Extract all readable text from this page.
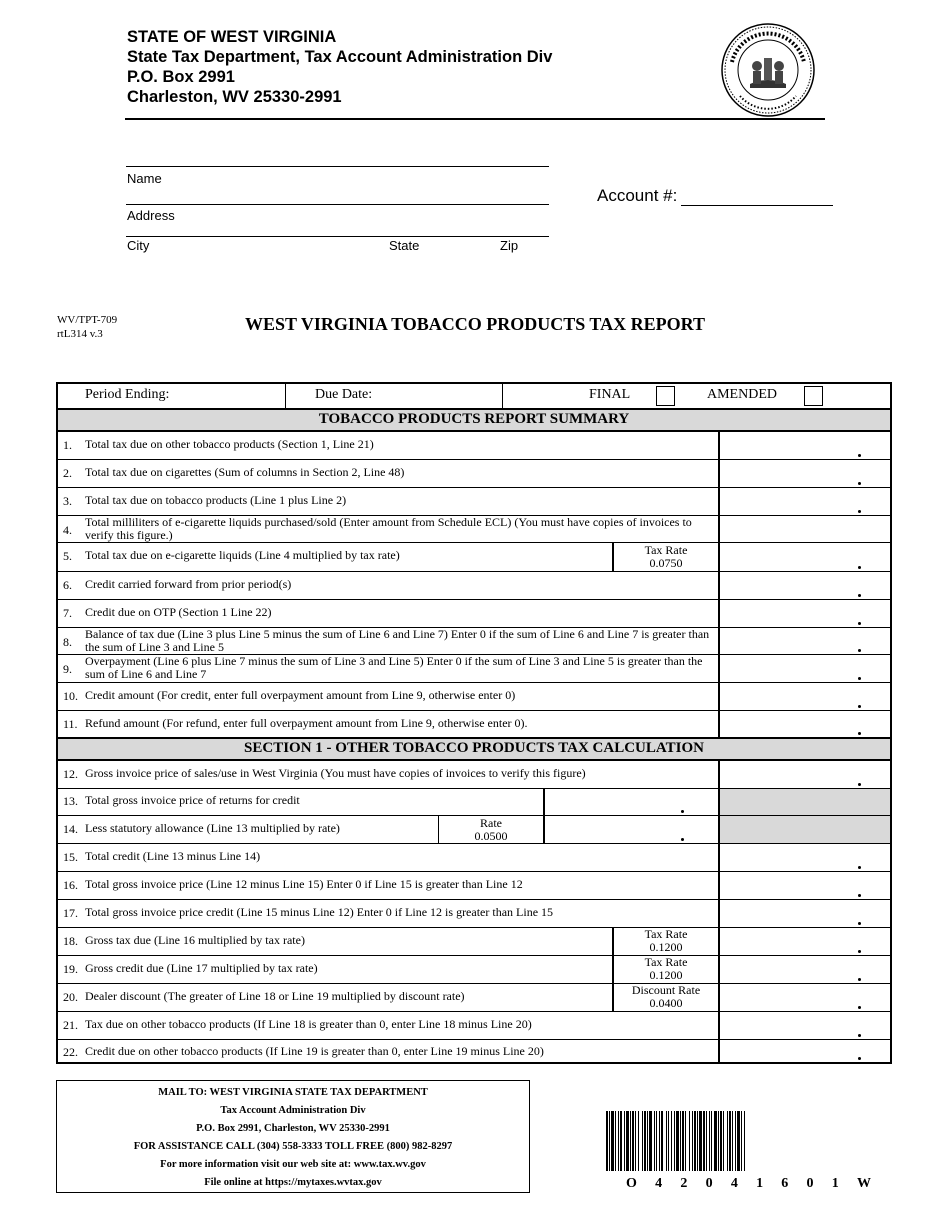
STATE OF WEST VIRGINIA
State Tax Department, Tax Account Administration Div
P.O. Box 2991
Charleston, WV 25330-2991
Name
Address
City	State	Zip
Account #:
WV/TPT-709
rtL314 v.3	WEST VIRGINIA TOBACCO PRODUCTS TAX REPORT
Period Ending:	Due Date:	FINAL	AMENDED
TOBACCO PRODUCTS REPORT SUMMARY
1. Total tax due on other tobacco products (Section 1, Line 21)
2. Total tax due on cigarettes (Sum of columns in Section 2, Line 48)
3. Total tax due on tobacco products (Line 1 plus Line 2)
4.
Total milliliters of e-cigarette liquids purchased/sold (Enter amount from Schedule ECL) (You must have copies of invoices to verify this figure.)
5. Total tax due on e-cigarette liquids (Line 4 multiplied by tax rate)	Tax Rate
0.0750
6. Credit carried forward from prior period(s)
7. Credit due on OTP (Section 1 Line 22)
8.
Balance of tax due (Line 3 plus Line 5 minus the sum of Line 6 and Line 7) Enter 0 if the sum of Line 6 and Line 7 is greater than the sum of Line 3 and Line 5
9.
Overpayment (Line 6 plus Line 7 minus the sum of Line 3 and Line 5) Enter 0 if the sum of Line 3 and Line 5 is greater than the sum of Line 6 and Line 7
10. Credit amount (For credit, enter full overpayment amount from Line 9, otherwise enter 0)
11. Refund amount (For refund, enter full overpayment amount from Line 9, otherwise enter 0).
SECTION 1 - OTHER TOBACCO PRODUCTS TAX CALCULATION
12. Gross invoice price of sales/use in West Virginia (You must have copies of invoices to verify this figure)
13. Total gross invoice price of returns for credit
14. Less statutory allowance (Line 13 multiplied by rate)	Rate
0.0500
15. Total credit (Line 13 minus Line 14)
16. Total gross invoice price (Line 12 minus Line 15) Enter 0 if Line 15 is greater than Line 12
17. Total gross invoice price credit (Line 15 minus Line 12) Enter 0 if Line 12 is greater than Line 15
18. Gross tax due (Line 16 multiplied by tax rate)	Tax Rate
0.1200
19. Gross credit due (Line 17 multiplied by tax rate)	Tax Rate
0.1200
20. Dealer discount (The greater of Line 18 or Line 19 multiplied by discount rate)	Discount Rate
0.0400
21. Tax due on other tobacco products (If Line 18 is greater than 0, enter Line 18 minus Line 20)
22. Credit due on other tobacco products (If Line 19 is greater than 0, enter Line 19 minus Line 20)
MAIL TO: WEST VIRGINIA STATE TAX DEPARTMENT
Tax Account Administration Div
P.O. Box 2991, Charleston, WV 25330-2991
FOR ASSISTANCE CALL (304) 558-3333 TOLL FREE (800) 982-8297
For more information visit our web site at: www.tax.wv.gov
File online at https://mytaxes.wvtax.gov	O 4 2 0 4 1 6 0 1 W
